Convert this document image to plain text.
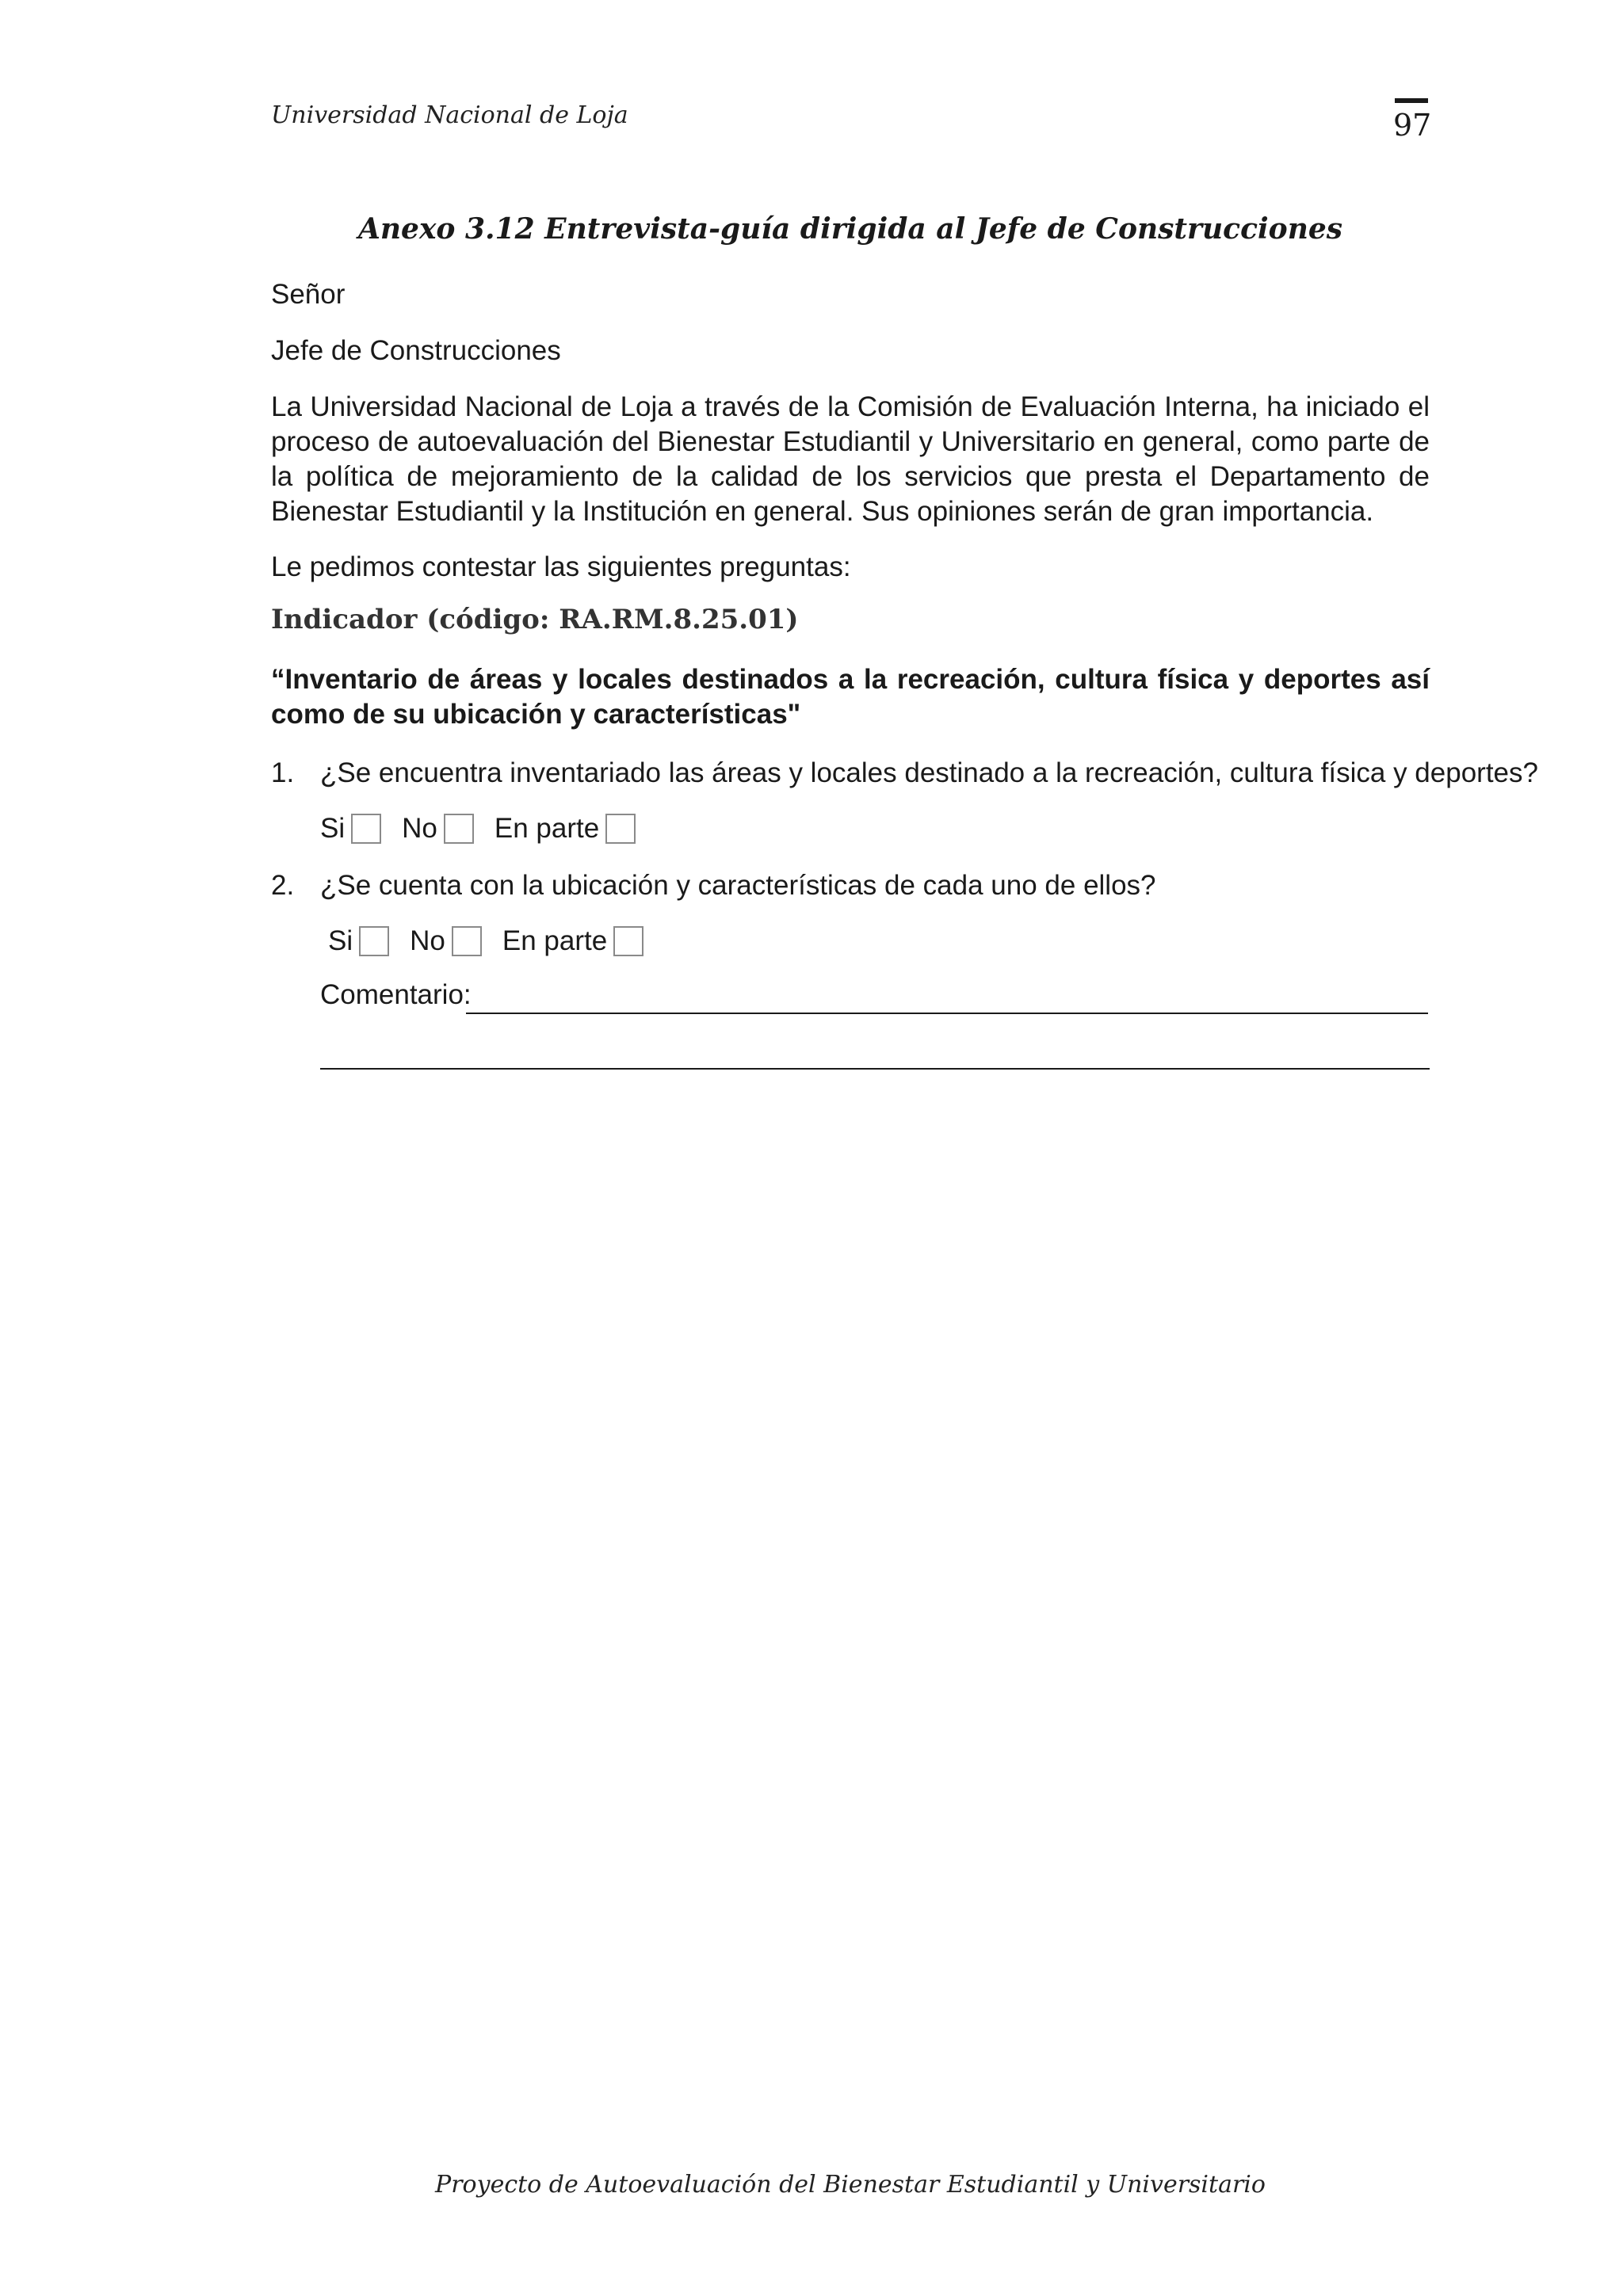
Universidad Nacional de Loja	97
Anexo 3.12 Entrevista-guía dirigida al Jefe de Construcciones
Señor
Jefe de Construcciones
La Universidad Nacional de Loja a través de la Comisión de Evaluación Interna, ha iniciado el proceso de autoevaluación del Bienestar Estudiantil y Universitario en general, como parte de la política de mejoramiento de la calidad de los servicios que presta el Departamento de Bienestar Estudiantil y la Institución en general. Sus opiniones serán de gran importancia.
Le pedimos contestar las siguientes preguntas:
Indicador (código: RA.RM.8.25.01)
“Inventario de áreas y locales destinados a la recreación, cultura física y deportes así como de su ubicación y características"
1. ¿Se encuentra inventariado las áreas y locales destinado a la recreación, cultura física y deportes?
Si No En parte
2. ¿Se cuenta con la ubicación y características de cada uno de ellos?
Si No En parte
Comentario:
Proyecto de Autoevaluación del Bienestar Estudiantil y Universitario
